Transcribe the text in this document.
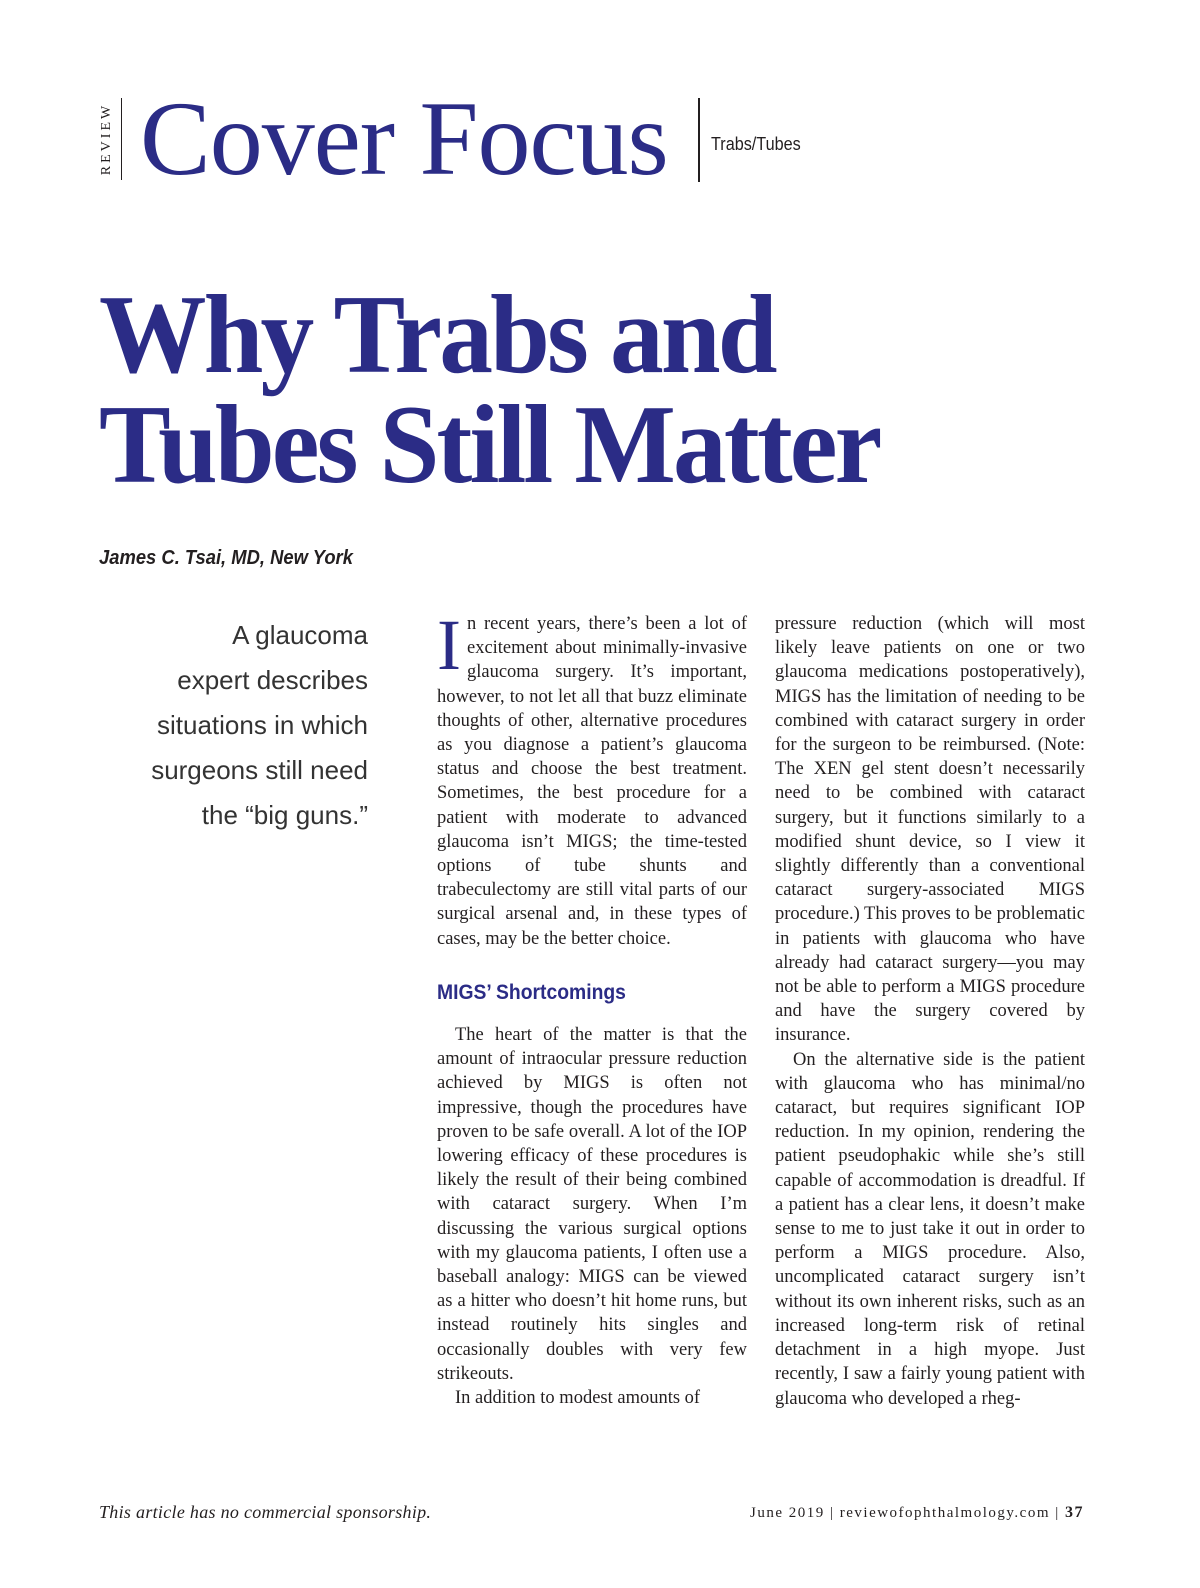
REVIEW Cover Focus Trabs/Tubes
Why Trabs and
Tubes Still Matter
James C. Tsai, MD, New York
A glaucoma
expert describes
situations in which
surgeons still need
the “big guns.”

In recent years, there’s been a lot of excitement about minimally-invasive glaucoma surgery. It’s important, however, to not let all that buzz eliminate thoughts of other, alternative procedures as you diagnose a patient’s glaucoma status and choose the best treatment. Sometimes, the best procedure for a patient with moderate to advanced glaucoma isn’t MIGS; the time-tested options of tube shunts and trabeculectomy are still vital parts of our surgical arsenal and, in these types of cases, may be the better choice.

MIGS’ Shortcomings

The heart of the matter is that the amount of intraocular pressure reduction achieved by MIGS is often not impressive, though the procedures have proven to be safe overall. A lot of the IOP lowering efficacy of these procedures is likely the result of their being combined with cataract surgery. When I’m discussing the various surgical options with my glaucoma patients, I often use a baseball analogy: MIGS can be viewed as a hitter who doesn’t hit home runs, but instead routinely hits singles and occasionally doubles with very few strikeouts.

In addition to modest amounts of

pressure reduction (which will most likely leave patients on one or two glaucoma medications postoperatively), MIGS has the limitation of needing to be combined with cataract surgery in order for the surgeon to be reimbursed. (Note: The XEN gel stent doesn’t necessarily need to be combined with cataract surgery, but it functions similarly to a modified shunt device, so I view it slightly differently than a conventional cataract surgery-associated MIGS procedure.) This proves to be problematic in patients with glaucoma who have already had cataract surgery—you may not be able to perform a MIGS procedure and have the surgery covered by insurance.

On the alternative side is the patient with glaucoma who has minimal/no cataract, but requires significant IOP reduction. In my opinion, rendering the patient pseudophakic while she’s still capable of accommodation is dreadful. If a patient has a clear lens, it doesn’t make sense to me to just take it out in order to perform a MIGS procedure. Also, uncomplicated cataract surgery isn’t without its own inherent risks, such as an increased long-term risk of retinal detachment in a high myope. Just recently, I saw a fairly young patient with glaucoma who developed a rheg-

This article has no commercial sponsorship.	June 2019 | reviewofophthalmology.com | 37
